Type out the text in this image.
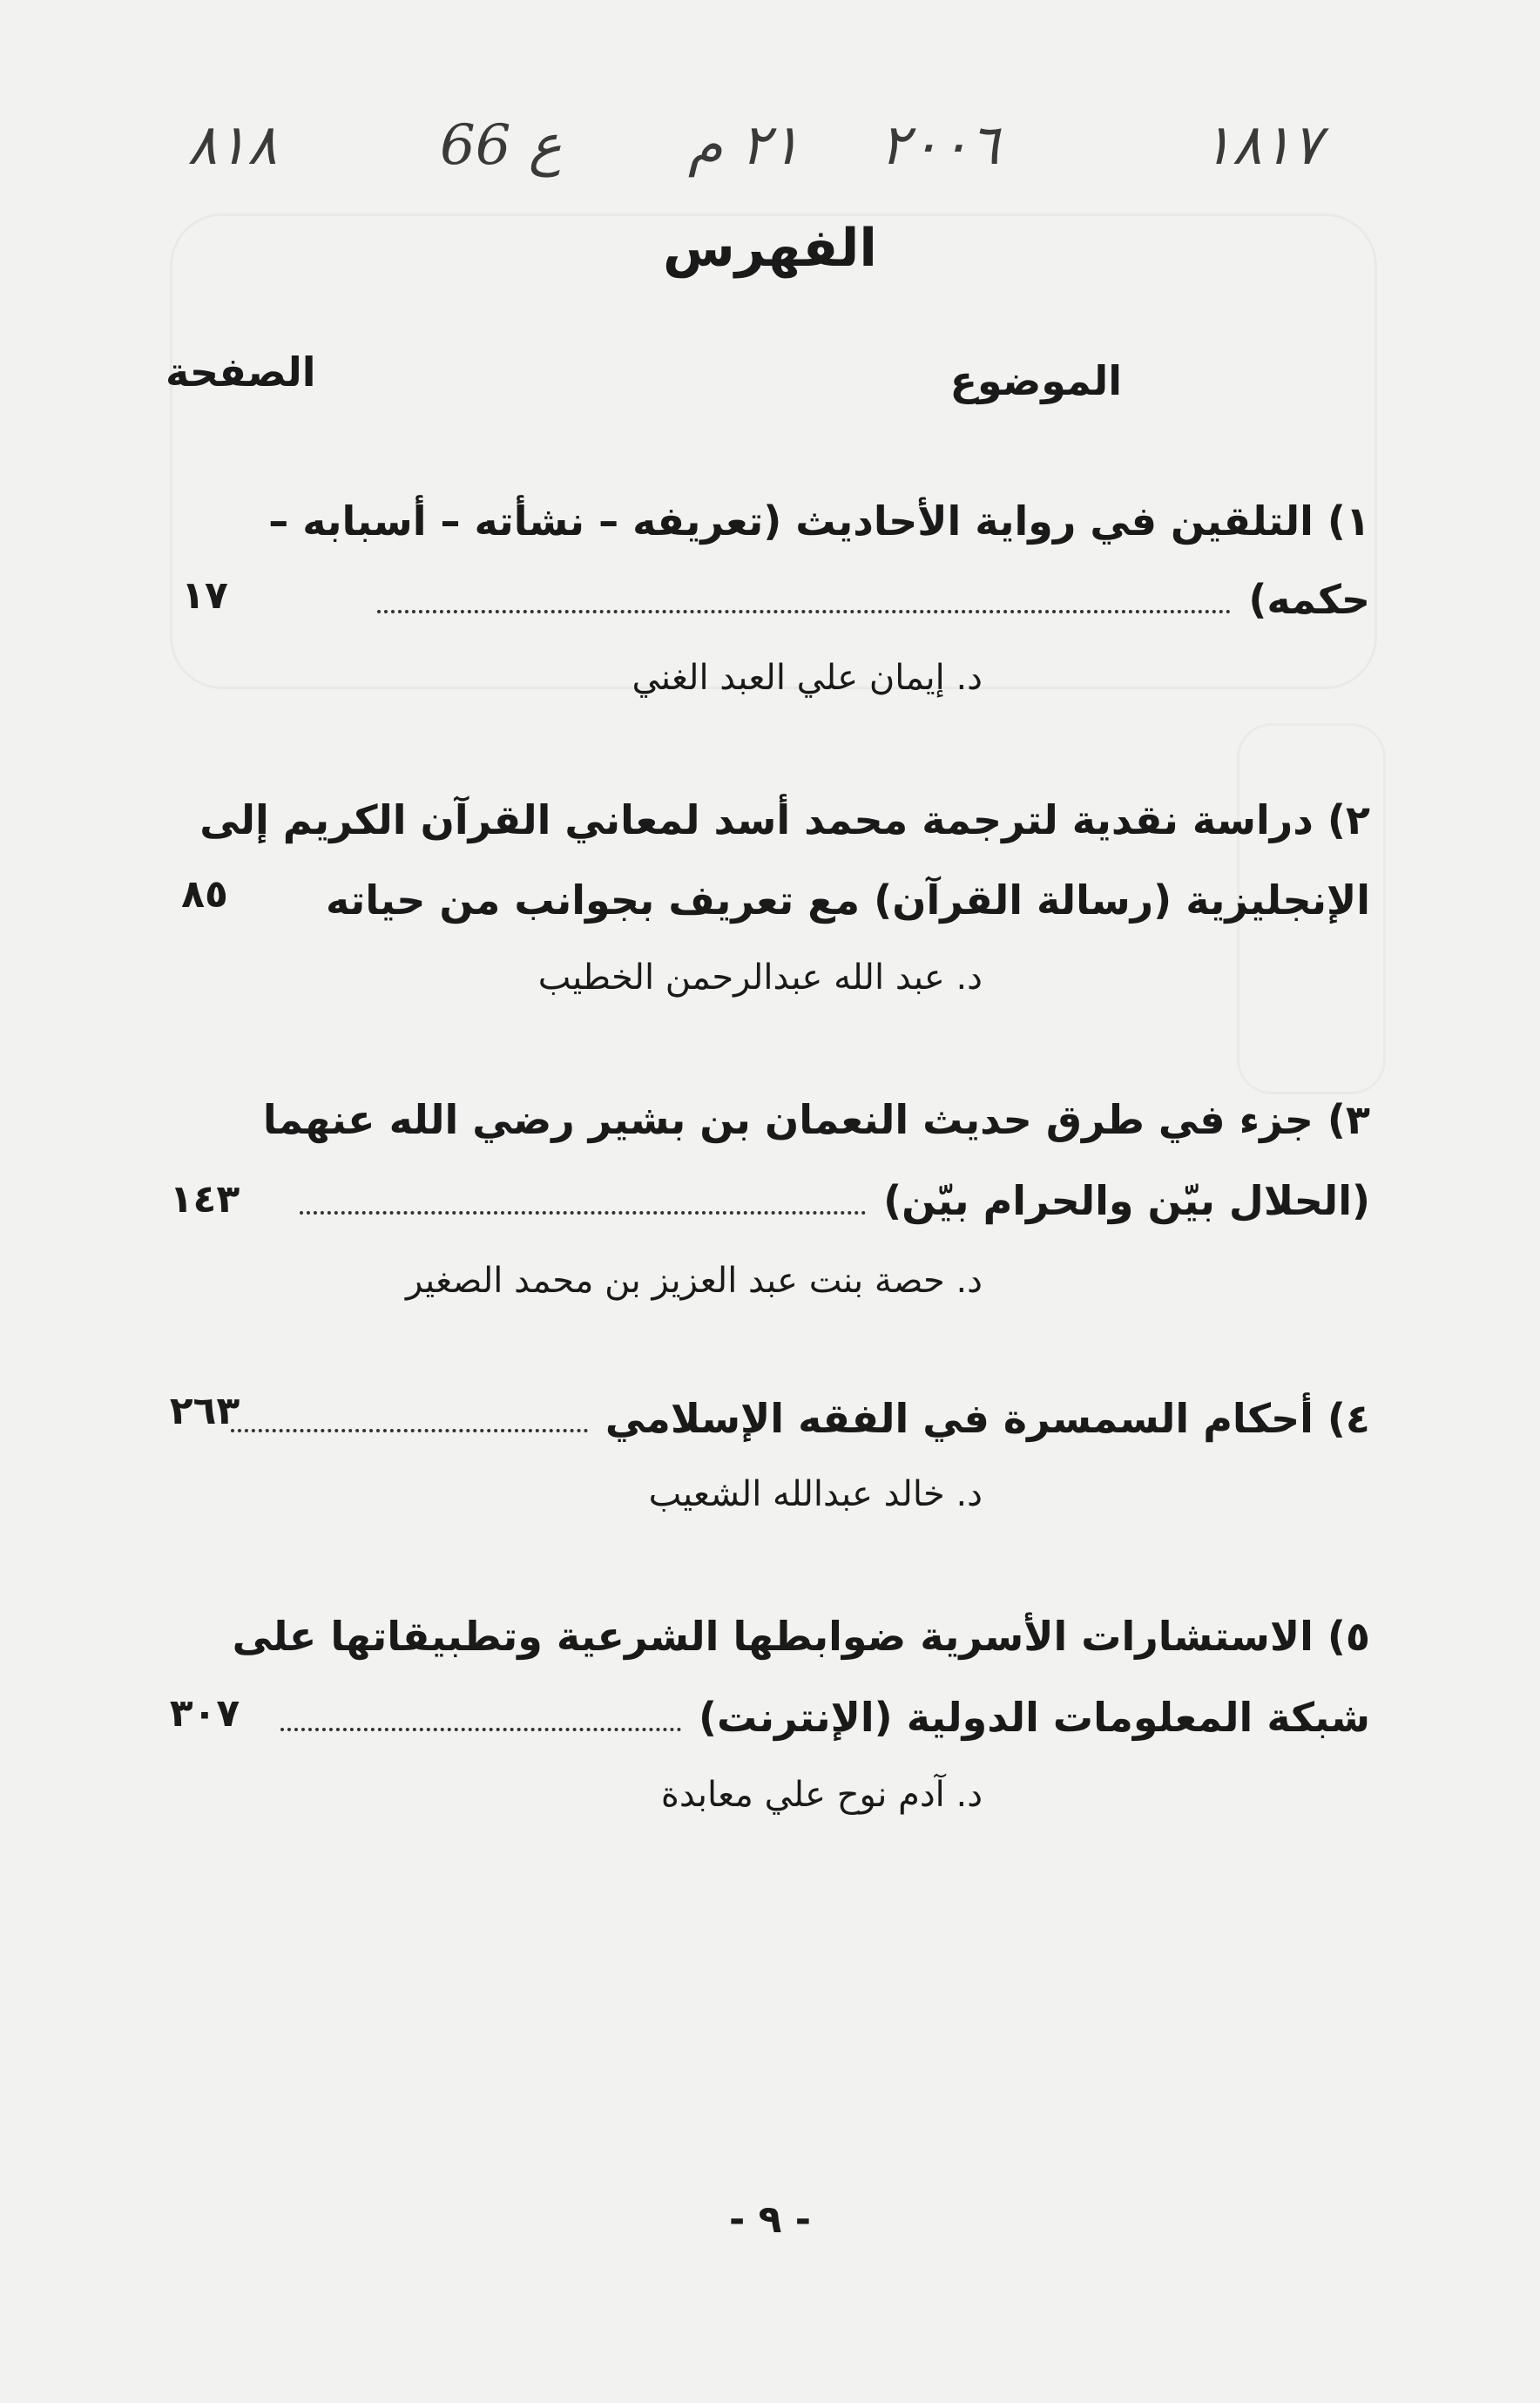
٨١٨	66 ع ٢١ م ٢٠٠٦	١٨١٧
الفهرس
الموضوع
الصفحة
١) التلقين في رواية الأحاديث (تعريفه – نشأته – أسبابه –
حكمه)
١٧
د. إيمان علي العبد الغني
٢) دراسة نقدية لترجمة محمد أسد لمعاني القرآن الكريم إلى
الإنجليزية (رسالة القرآن) مع تعريف بجوانب من حياته
٨٥
د. عبد الله عبدالرحمن الخطيب
٣) جزء في طرق حديث النعمان بن بشير رضي الله عنهما
(الحلال بيّن والحرام بيّن)
١٤٣
د. حصة بنت عبد العزيز بن محمد الصغير
٤) أحكام السمسرة في الفقه الإسلامي
٢٦٣
د. خالد عبدالله الشعيب
٥) الاستشارات الأسرية ضوابطها الشرعية وتطبيقاتها على
شبكة المعلومات الدولية (الإنترنت)
٣٠٧
د. آدم نوح علي معابدة
- ٩ -
